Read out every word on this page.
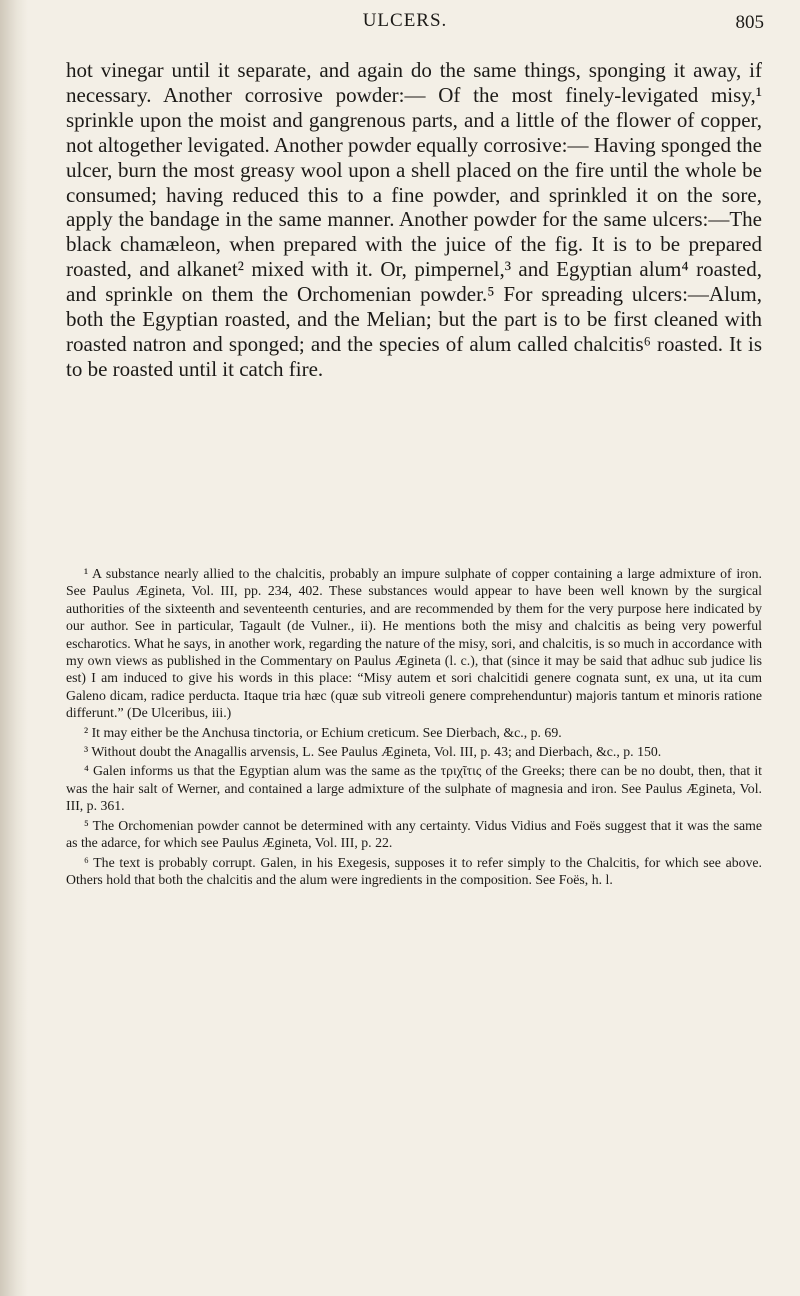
ULCERS.	805

hot vinegar until it separate, and again do the same things, sponging it away, if necessary. Another corrosive powder:— Of the most finely-levigated misy,¹ sprinkle upon the moist and gangrenous parts, and a little of the flower of copper, not altogether levigated. Another powder equally corrosive:— Having sponged the ulcer, burn the most greasy wool upon a shell placed on the fire until the whole be consumed; having reduced this to a fine powder, and sprinkled it on the sore, apply the bandage in the same manner. Another powder for the same ulcers:—The black chamæleon, when prepared with the juice of the fig. It is to be prepared roasted, and alkanet² mixed with it. Or, pimpernel,³ and Egyptian alum⁴ roasted, and sprinkle on them the Orchomenian powder.⁵ For spreading ulcers:—Alum, both the Egyptian roasted, and the Melian; but the part is to be first cleaned with roasted natron and sponged; and the species of alum called chalcitis⁶ roasted. It is to be roasted until it catch fire.

¹ A substance nearly allied to the chalcitis, probably an impure sulphate of copper containing a large admixture of iron. See Paulus Ægineta, Vol. III, pp. 234, 402. These substances would appear to have been well known by the surgical authorities of the sixteenth and seventeenth centuries, and are recommended by them for the very purpose here indicated by our author. See in particular, Tagault (de Vulner., ii). He mentions both the misy and chalcitis as being very powerful escharotics. What he says, in another work, regarding the nature of the misy, sori, and chalcitis, is so much in accordance with my own views as published in the Commentary on Paulus Ægineta (l. c.), that (since it may be said that adhuc sub judice lis est) I am induced to give his words in this place: “Misy autem et sori chalcitidi genere cognata sunt, ex una, ut ita cum Galeno dicam, radice perducta. Itaque tria hæc (quæ sub vitreoli genere comprehenduntur) majoris tantum et minoris ratione differunt.” (De Ulceribus, iii.)

² It may either be the Anchusa tinctoria, or Echium creticum. See Dierbach, &c., p. 69.

³ Without doubt the Anagallis arvensis, L. See Paulus Ægineta, Vol. III, p. 43; and Dierbach, &c., p. 150.

⁴ Galen informs us that the Egyptian alum was the same as the τριχῖτις of the Greeks; there can be no doubt, then, that it was the hair salt of Werner, and contained a large admixture of the sulphate of magnesia and iron. See Paulus Ægineta, Vol. III, p. 361.

⁵ The Orchomenian powder cannot be determined with any certainty. Vidus Vidius and Foës suggest that it was the same as the adarce, for which see Paulus Ægineta, Vol. III, p. 22.

⁶ The text is probably corrupt. Galen, in his Exegesis, supposes it to refer simply to the Chalcitis, for which see above. Others hold that both the chalcitis and the alum were ingredients in the composition. See Foës, h. l.
